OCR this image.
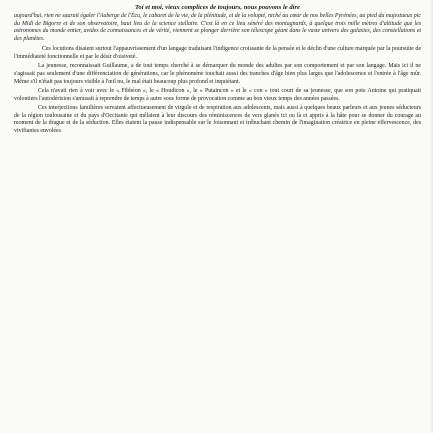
Toi et moi, vieux complices de toujours, nous pouvons le dire

aujourd'hui, rien ne saurait égaler l'Auberge de l'Écu, le cabaret de la vie, de la plénitude, et de la volupté, niché au cœur de nos belles Pyrénées, au pied du majestueux pic du Midi de Bigorre et de son observatoire, haut lieu de la science stellaire. C'est là en ce lieu sénéré des montagnards, à quelque trois mille mètres d'altitude que les astronomes du monde entier, avides de connaissances et de vérité, viennent se plonger derrière son télescope géant dans le vaste univers des galaxies, des constellations et des planètes.

Ces locutions disaient surtout l'appauvrissement d'un langage traduisant l'indigence croissante de la pensée et le déclin d'une culture marquée par la poursuite de l'immédiateté fonctionnelle et par le désir d'oisiveté.

La jeunesse, reconnaissait Guillaume, a de tout temps cherché à se démarquer du monde des adultes par son comportement et par son langage. Mais ici il ne s'agissait pas seulement d'une différenciation de générations, car le phénomène touchait aussi des tranches d'âge bien plus larges que l'adolescence et l'entrée à l'âge mûr. Même s'il n'était pas toujours visible à l'œil nu, le mal était beaucoup plus profond et inquiétant.

Cela n'avait rien à voir avec le « Fibbéon », le « Houdicon », le « Putaincon » et le « con » tout court de sa jeunesse, que son pote Antoine qui pratiquait volontiers l'autodérision s'amusait à reprendre de temps à autre sous forme de provocation comme au bon vieux temps des années passées.

Ces interjections familières servaient affectueusement de virgule et de respiration aux adolescents, mais aussi à quelques beaux parleurs et aux jeunes séducteurs de la région toulousaine et du pays d'Occitanie qui mêlaient à leur discours des réminiscences de vers glanés ici ou là et appris à la hâte pour se donner du courage au moment de la drague et de la séduction. Elles étaient la pause indispensable sur le foisonnant et trébuchant chemin de l'imagination créatrice en pleine effervescence, des vivifiantes envolées
